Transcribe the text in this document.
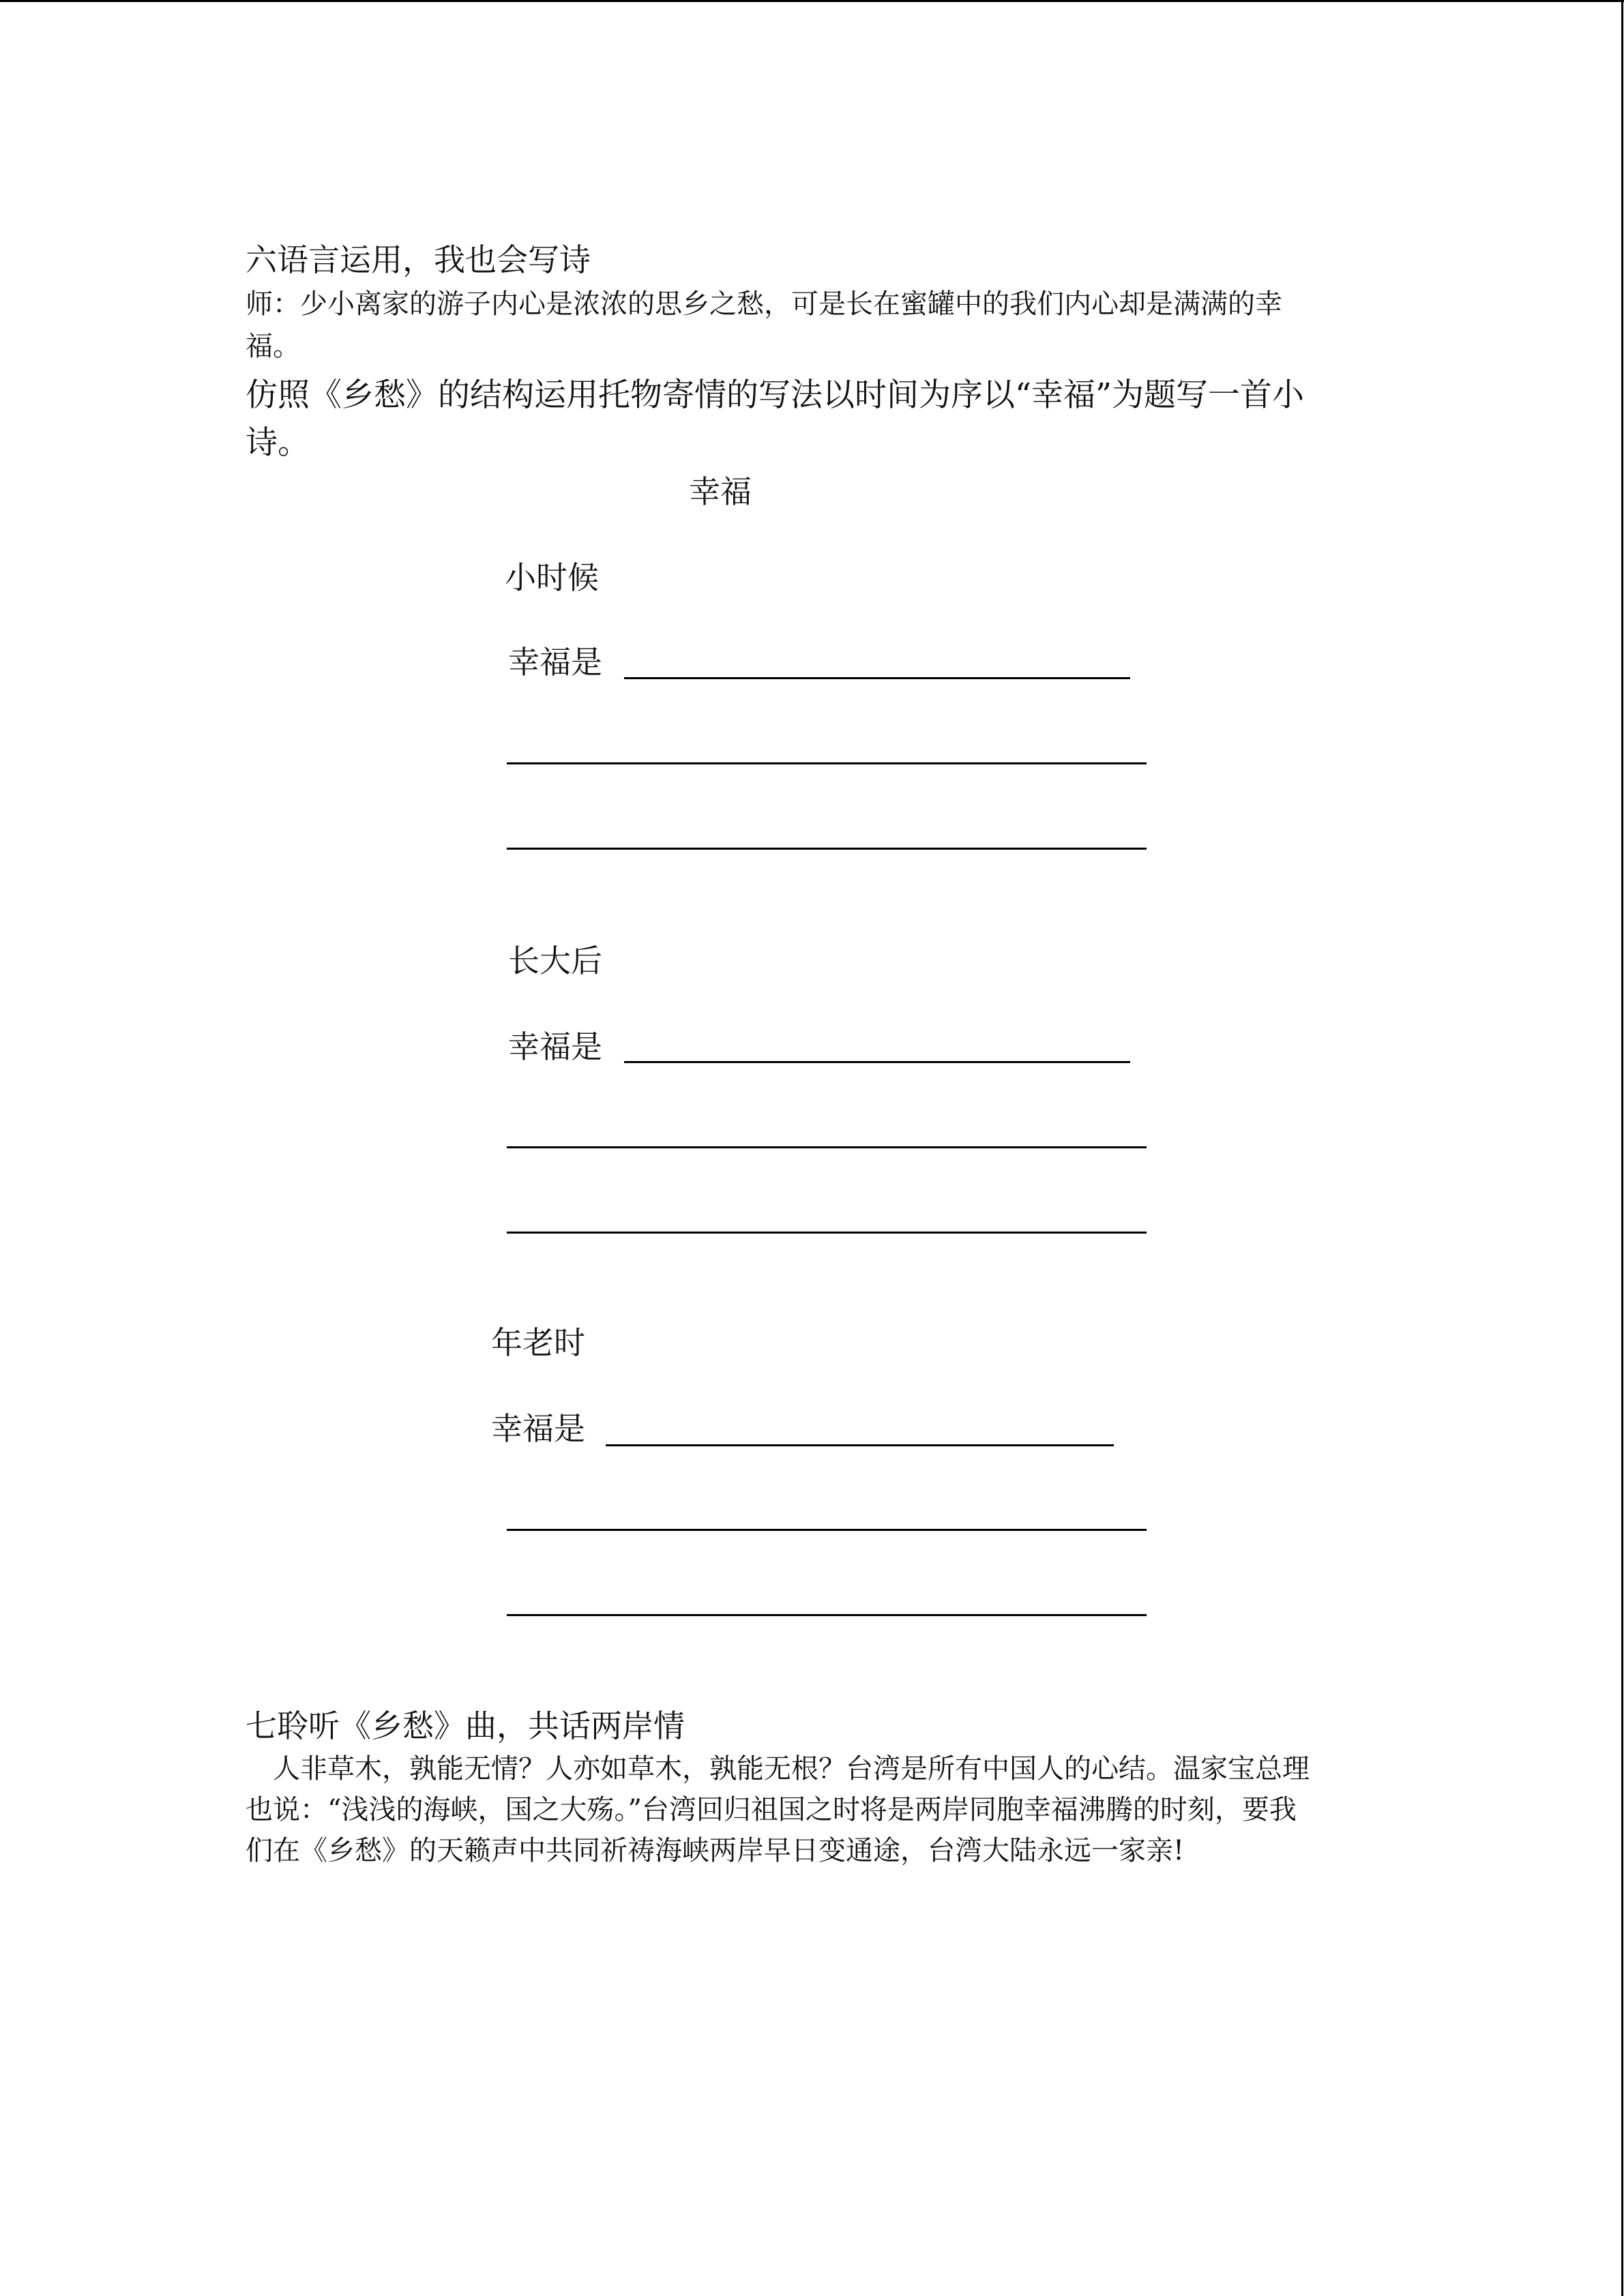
六语言运用，我也会写诗
师：少小离家的游子内心是浓浓的思乡之愁，可是长在蜜罐中的我们内心却是满满的幸
福。
仿照《乡愁》的结构运用托物寄情的写法以时间为序以“幸福”为题写一首小
诗。
幸福
小时候
幸福是
长大后
幸福是
年老时
幸福是
七聆听《乡愁》曲，共话两岸情
人非草木，孰能无情？人亦如草木，孰能无根？台湾是所有中国人的心结。温家宝总理
也说：“浅浅的海峡，国之大殇。”台湾回归祖国之时将是两岸同胞幸福沸腾的时刻，要我
们在《乡愁》的天籁声中共同祈祷海峡两岸早日变通途，台湾大陆永远一家亲!
